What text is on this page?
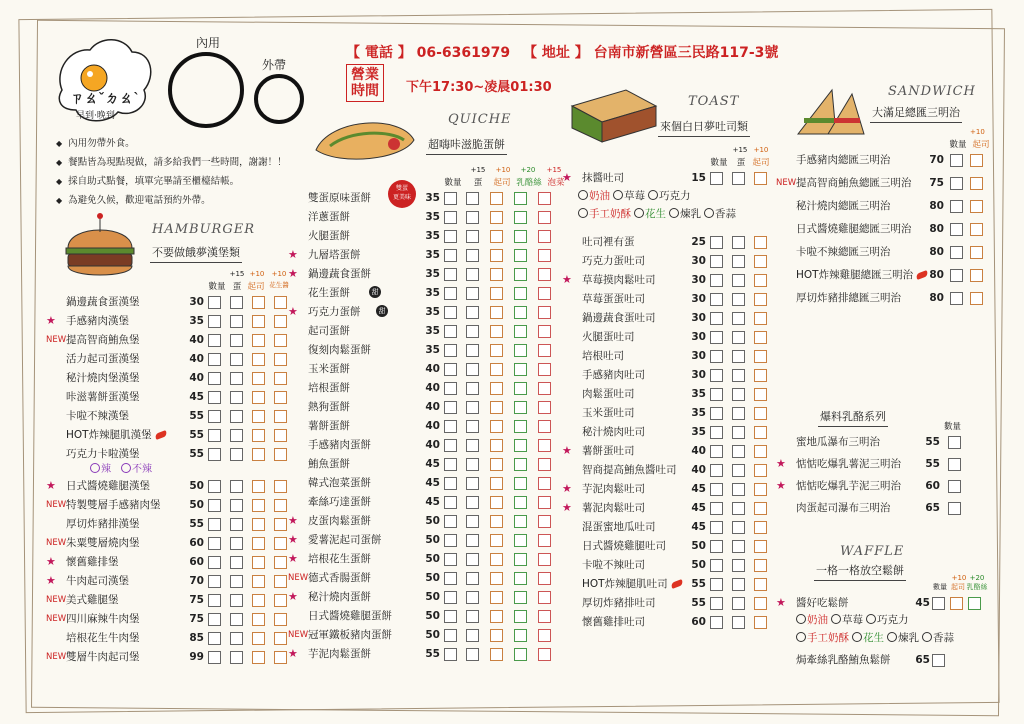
ㄗㄠˇㄉㄠˋ
早到·晚到
內用
外帶
【 電話 】 06-6361979 【 地址 】 台南市新營區三民路117-3號
營業
時間 下午17:30~凌晨01:30
◆ 內用勿帶外食。
◆ 餐點皆為現點現做，請多給我們一些時間，謝謝！！
◆ 採自助式點餐，填單完畢請至櫃檯結帳。
◆ 為避免久候，歡迎電話預約外帶。
HAMBURGER
不要做餓夢漢堡類
QUICHE
超嗨咔滋脆蛋餅
TOAST
來個白日夢吐司類
SANDWICH
大滿足總匯三明治
爆料乳酪系列
WAFFLE
一格一格放空鬆餅
+15 +10	+10
數量 蛋 起司 花生醬
+15	+10	+20	+15
數量	蛋	起司 乳酪絲 泡菜
雙蛋
更美味
+15 +10
數量	蛋 起司
+10
數量 起司
數量
+10 +20
數量 起司 乳酪絲
鍋邊蔬食蛋漢堡	30
★ 手感豬肉漢堡	35
NEW 提高智商鮪魚堡	40
活力起司蛋漢堡	40
秘汁燒肉堡漢堡	40
咔滋薯餅蛋漢堡	45
卡啦不辣漢堡	55
HOT炸辣腿肌漢堡	55
巧克力卡啦漢堡	55
★ 日式醬燒雞腿漢堡	50
NEW 特製雙層手感豬肉堡	50
厚切炸豬排漢堡	55
NEW 朱粟雙層燒肉堡	60
★ 懷舊雞排堡	60
★ 牛肉起司漢堡	70
NEW 美式雞腿堡	75
NEW 四川麻辣牛肉堡	75
培根花生牛肉堡	85
NEW 雙層牛肉起司堡	99
辣 不辣
雙蛋原味蛋餅	35
洋蔥蛋餅	35
火腿蛋餅	35
★ 九層塔蛋餅	35
★ 鍋邊蔬食蛋餅	35
花生蛋餅	35
★ 巧克力蛋餅	35
起司蛋餅	35
復刻肉鬆蛋餅	35
玉米蛋餅	40
培根蛋餅	40
熱狗蛋餅	40
薯餅蛋餅	40
手感豬肉蛋餅	40
鮪魚蛋餅	45
韓式泡菜蛋餅	45
牽絲巧達蛋餅	45
★ 皮蛋肉鬆蛋餅	50
★ 愛薯泥起司蛋餅	50
★ 培根花生蛋餅	50
NEW 德式香腸蛋餅	50
★ 秘汁燒肉蛋餅	50
日式醬燒雞腿蛋餅	50
NEW 冠軍鐵板豬肉蛋餅	50
★ 芋泥肉鬆蛋餅	55
甜
甜
★ 抹醬吐司	15
奶油 草莓 巧克力
手工奶酥 花生 煉乳 香蒜
吐司裡有蛋	25
巧克力蛋吐司	30
★ 草莓摸肉鬆吐司	30
草莓蛋蛋吐司	30
鍋邊蔬食蛋吐司	30
火腿蛋吐司	30
培根吐司	30
手感豬肉吐司	30
肉鬆蛋吐司	35
玉米蛋吐司	35
秘汁燒肉吐司	35
★ 薯餅蛋吐司	40
智商提高鮪魚醬吐司	40
★ 芋泥肉鬆吐司	45
★ 薯泥肉鬆吐司	45
混蛋蜜地瓜吐司	45
日式醬燒雞腿吐司	50
卡啦不辣吐司	50
HOT炸辣腿肌吐司	55
厚切炸豬排吐司	55
懷舊雞排吐司	60
手感豬肉總匯三明治	70
NEW 提高智商鮪魚總匯三明治	75
秘汁燒肉總匯三明治	80
日式醬燒雞腿總匯三明治	80
卡啦不辣總匯三明治	80
HOT炸辣雞腿總匯三明治	80
厚切炸豬排總匯三明治	80
蜜地瓜瀑布三明治	55
★ 惦惦吃爆乳薯泥三明治	55
★ 惦惦吃爆乳芋泥三明治	60
肉蛋起司瀑布三明治	65
★ 醬好吃鬆餅	45
奶油 草莓 巧克力
手工奶酥 花生 煉乳 香蒜
焗牽絲乳酪鮪魚鬆餅	65
